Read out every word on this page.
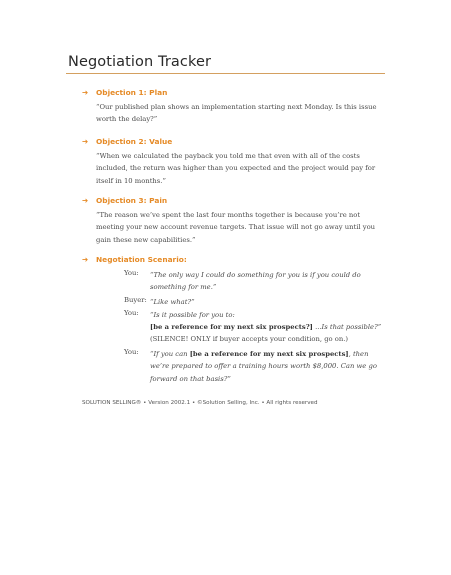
Negotiation Tracker
➔ Objection 1: Plan
“Our published plan shows an implementation starting next Monday. Is this issue worth the delay?”
➔ Objection 2: Value
“When we calculated the payback you told me that even with all of the costs included, the return was higher than you expected and the project would pay for itself in 10 months.”
➔ Objection 3: Pain
“The reason we’ve spent the last four months together is because you’re not meeting your new account revenue targets. That issue will not go away until you gain these new capabilities.”
➔ Negotiation Scenario:
You:	“The only way I could do something for you is if you could do something for me.”
Buyer: “Like what?”
You:	“Is it possible for you to:
[be a reference for my next six prospects?] ...Is that possible?”
(SILENCE! ONLY if buyer accepts your condition, go on.)
You:	“If you can [be a reference for my next six prospects], then we’re prepared to offer a training hours worth $8,000. Can we go forward on that basis?”
SOLUTION SELLING® • Version 2002.1 • ©Solution Selling, Inc. • All rights reserved
